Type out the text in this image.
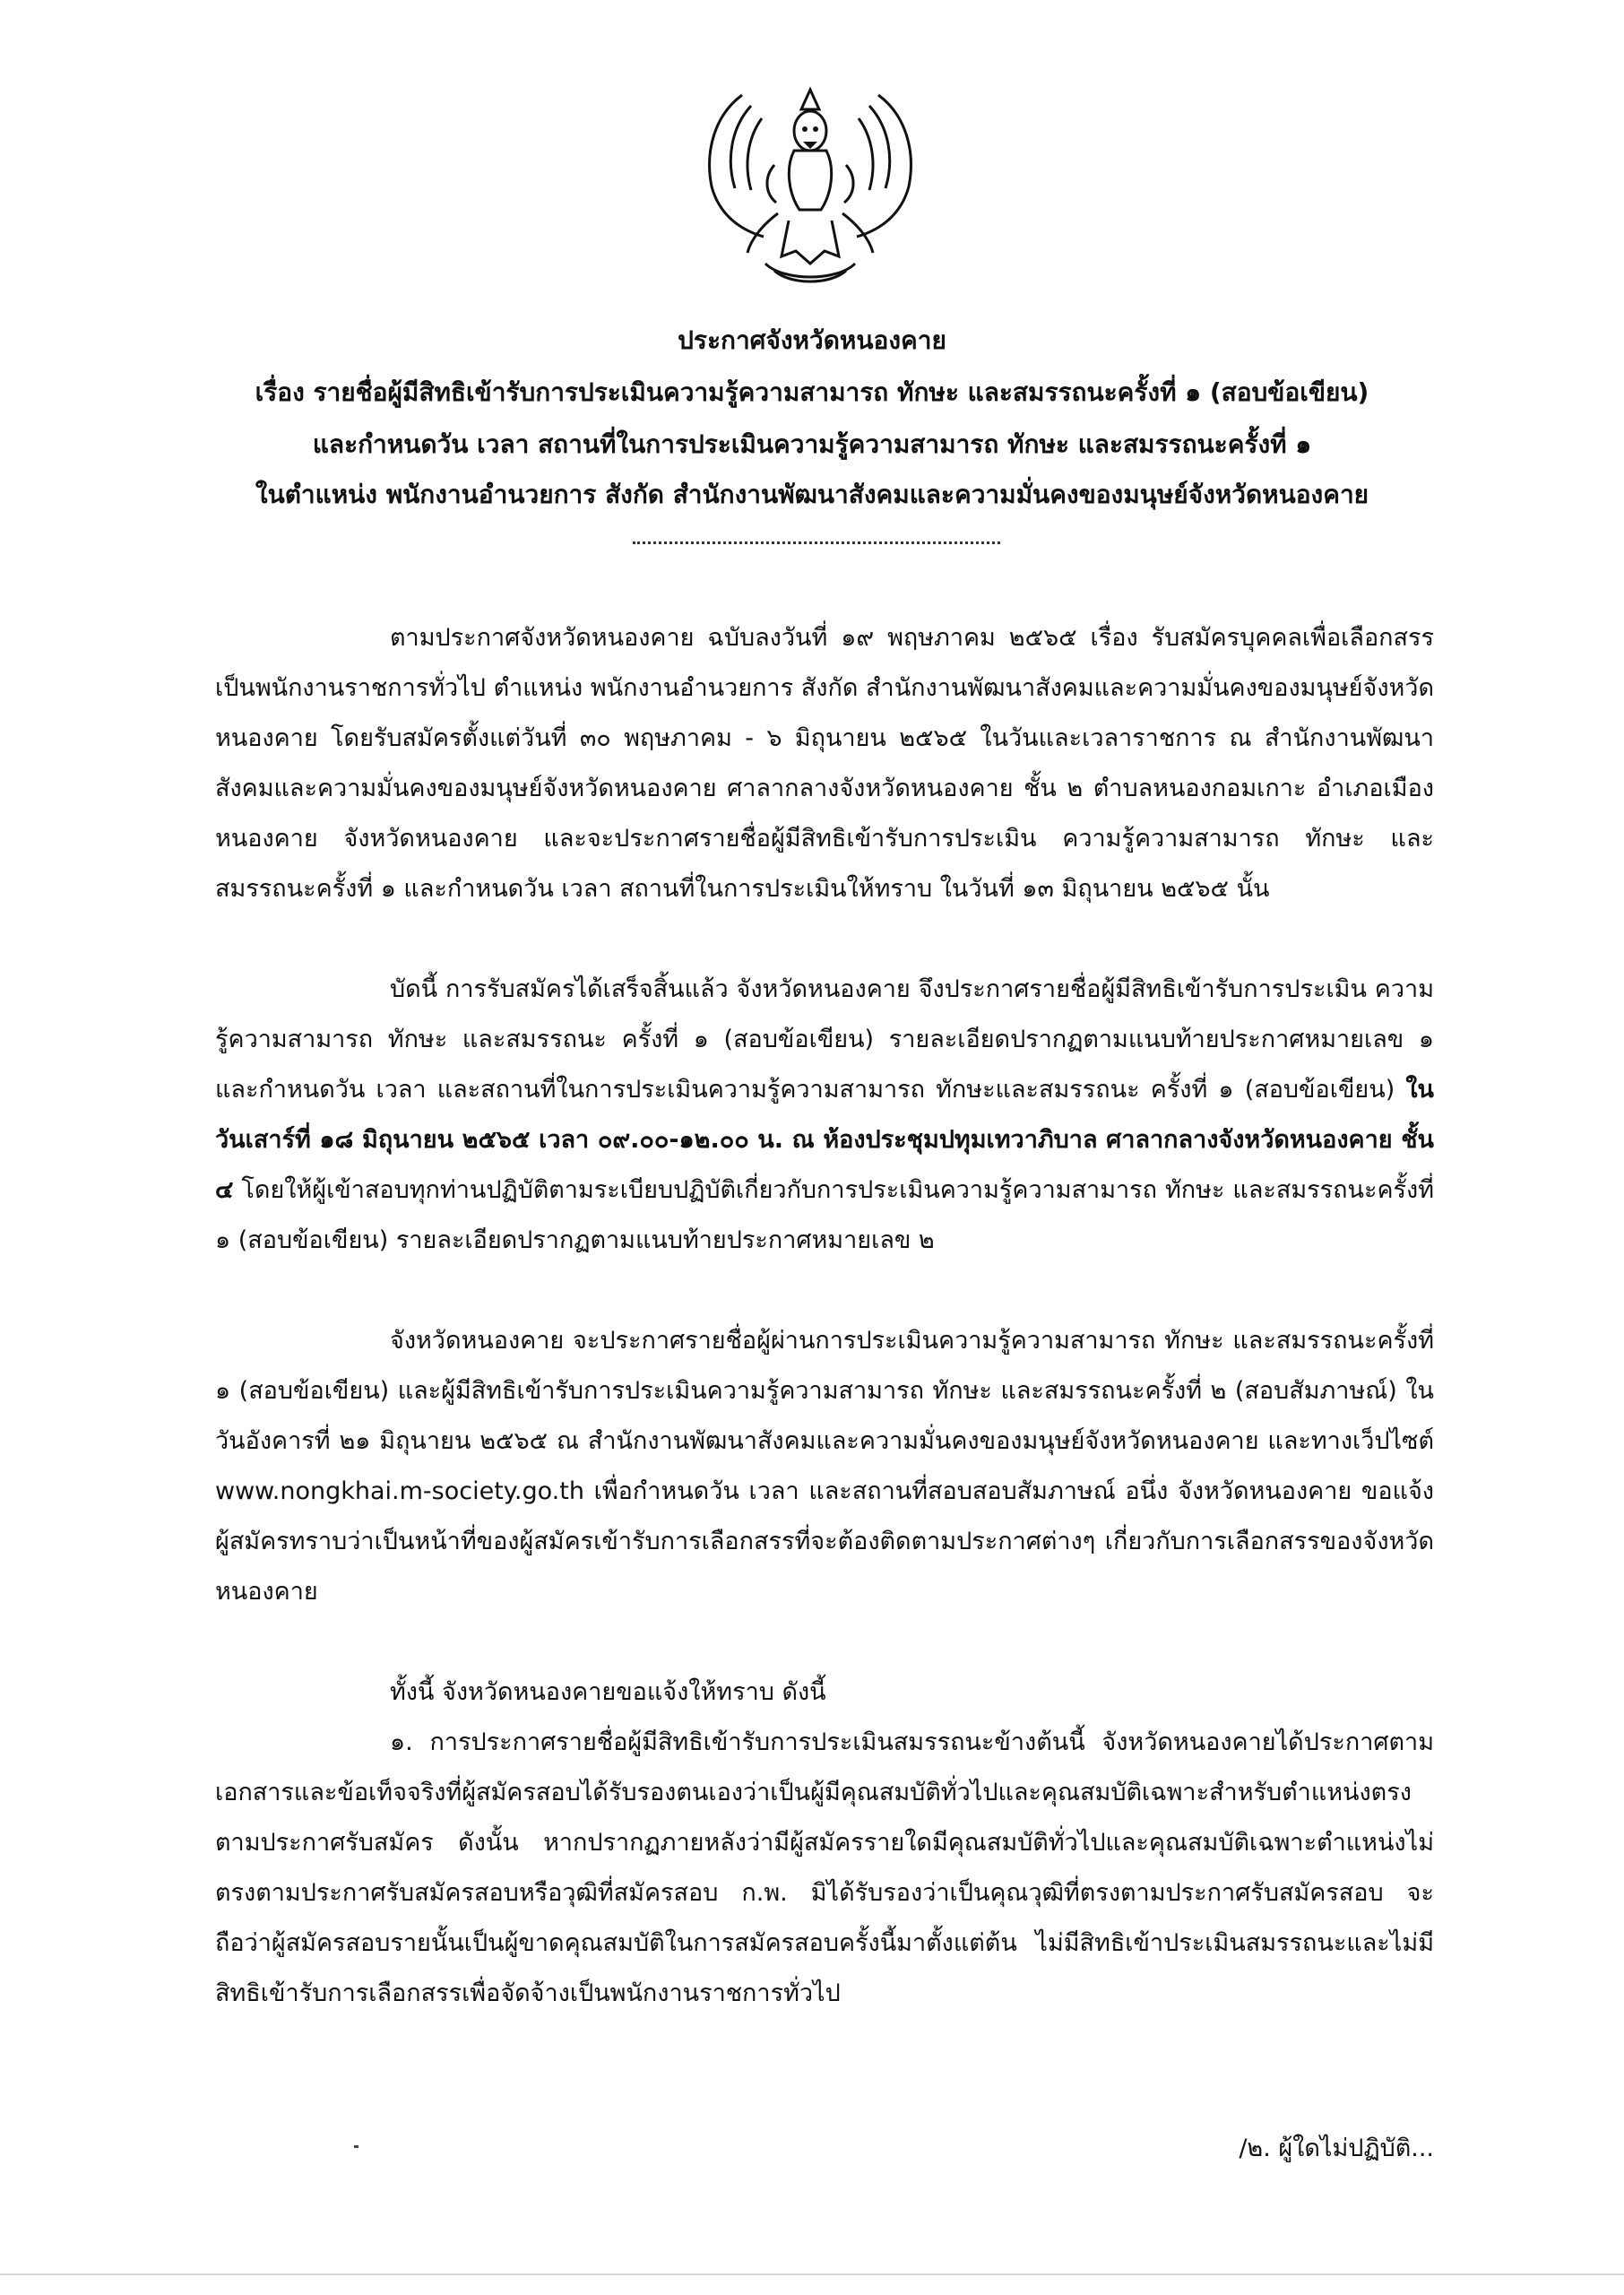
ประกาศจังหวัดหนองคาย
เรื่อง รายชื่อผู้มีสิทธิเข้ารับการประเมินความรู้ความสามารถ ทักษะ และสมรรถนะครั้งที่ ๑ (สอบข้อเขียน)
และกำหนดวัน เวลา สถานที่ในการประเมินความรู้ความสามารถ ทักษะ และสมรรถนะครั้งที่ ๑
ในตำแหน่ง พนักงานอำนวยการ สังกัด สำนักงานพัฒนาสังคมและความมั่นคงของมนุษย์จังหวัดหนองคาย

ตามประกาศจังหวัดหนองคาย ฉบับลงวันที่ ๑๙ พฤษภาคม ๒๕๖๕ เรื่อง รับสมัครบุคคลเพื่อเลือกสรรเป็นพนักงานราชการทั่วไป ตำแหน่ง พนักงานอำนวยการ สังกัด สำนักงานพัฒนาสังคมและความมั่นคงของมนุษย์จังหวัดหนองคาย โดยรับสมัครตั้งแต่วันที่ ๓๐ พฤษภาคม - ๖ มิถุนายน ๒๕๖๕ ในวันและเวลาราชการ ณ สำนักงานพัฒนาสังคมและความมั่นคงของมนุษย์จังหวัดหนองคาย ศาลากลางจังหวัดหนองคาย ชั้น ๒ ตำบลหนองกอมเกาะ อำเภอเมืองหนองคาย จังหวัดหนองคาย และจะประกาศรายชื่อผู้มีสิทธิเข้ารับการประเมิน ความรู้ความสามารถ ทักษะ และสมรรถนะครั้งที่ ๑ และกำหนดวัน เวลา สถานที่ในการประเมินให้ทราบ ในวันที่ ๑๓ มิถุนายน ๒๕๖๕ นั้น

บัดนี้ การรับสมัครได้เสร็จสิ้นแล้ว จังหวัดหนองคาย จึงประกาศรายชื่อผู้มีสิทธิเข้ารับการประเมิน ความรู้ความสามารถ ทักษะ และสมรรถนะ ครั้งที่ ๑ (สอบข้อเขียน) รายละเอียดปรากฏตามแนบท้ายประกาศหมายเลข ๑ และกำหนดวัน เวลา และสถานที่ในการประเมินความรู้ความสามารถ ทักษะและสมรรถนะ ครั้งที่ ๑ (สอบข้อเขียน) ในวันเสาร์ที่ ๑๘ มิถุนายน ๒๕๖๕ เวลา ๐๙.๐๐-๑๒.๐๐ น. ณ ห้องประชุมปทุมเทวาภิบาล ศาลากลางจังหวัดหนองคาย ชั้น ๔ โดยให้ผู้เข้าสอบทุกท่านปฏิบัติตามระเบียบปฏิบัติเกี่ยวกับการประเมินความรู้ความสามารถ ทักษะ และสมรรถนะครั้งที่ ๑ (สอบข้อเขียน) รายละเอียดปรากฏตามแนบท้ายประกาศหมายเลข ๒

จังหวัดหนองคาย จะประกาศรายชื่อผู้ผ่านการประเมินความรู้ความสามารถ ทักษะ และสมรรถนะครั้งที่ ๑ (สอบข้อเขียน) และผู้มีสิทธิเข้ารับการประเมินความรู้ความสามารถ ทักษะ และสมรรถนะครั้งที่ ๒ (สอบสัมภาษณ์) ในวันอังคารที่ ๒๑ มิถุนายน ๒๕๖๕ ณ สำนักงานพัฒนาสังคมและความมั่นคงของมนุษย์จังหวัดหนองคาย และทางเว็ปไซต์ www.nongkhai.m-society.go.th เพื่อกำหนดวัน เวลา และสถานที่สอบสอบสัมภาษณ์ อนึ่ง จังหวัดหนองคาย ขอแจ้งผู้สมัครทราบว่าเป็นหน้าที่ของผู้สมัครเข้ารับการเลือกสรรที่จะต้องติดตามประกาศต่างๆ เกี่ยวกับการเลือกสรรของจังหวัดหนองคาย

ทั้งนี้ จังหวัดหนองคายขอแจ้งให้ทราบ ดังนี้

๑. การประกาศรายชื่อผู้มีสิทธิเข้ารับการประเมินสมรรถนะข้างต้นนี้ จังหวัดหนองคายได้ประกาศตามเอกสารและข้อเท็จจริงที่ผู้สมัครสอบได้รับรองตนเองว่าเป็นผู้มีคุณสมบัติทั่วไปและคุณสมบัติเฉพาะสำหรับตำแหน่งตรงตามประกาศรับสมัคร ดังนั้น หากปรากฏภายหลังว่ามีผู้สมัครรายใดมีคุณสมบัติทั่วไปและคุณสมบัติเฉพาะตำแหน่งไม่ตรงตามประกาศรับสมัครสอบหรือวุฒิที่สมัครสอบ ก.พ. มิได้รับรองว่าเป็นคุณวุฒิที่ตรงตามประกาศรับสมัครสอบ จะถือว่าผู้สมัครสอบรายนั้นเป็นผู้ขาดคุณสมบัติในการสมัครสอบครั้งนี้มาตั้งแต่ต้น ไม่มีสิทธิเข้าประเมินสมรรถนะและไม่มีสิทธิเข้ารับการเลือกสรรเพื่อจัดจ้างเป็นพนักงานราชการทั่วไป

/๒. ผู้ใดไม่ปฏิบัติ...
